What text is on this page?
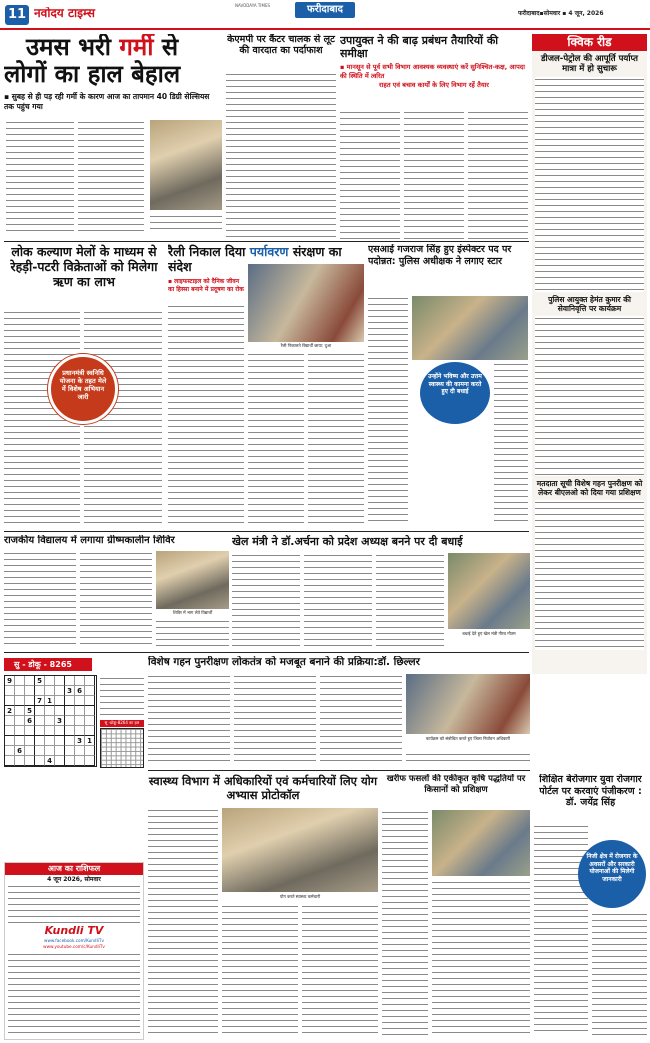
11 नवोदय टाइम्स
NAVODAYA TIMES	फरीदाबाद	फरीदाबाद▪सोमवार ▪ 4 जून, 2026
उमस भरी गर्मी से
लोगों का हाल बेहाल
▪ सुबह से ही पड़ रही गर्मी के कारण आज का तापमान 40 डिग्री सेल्सियस तक पहुंच गया
केएमपी पर कैंटर चालक से लूट की वारदात का पर्दाफाश
उपायुक्त ने की बाढ़ प्रबंधन तैयारियों की समीक्षा
▪ मानसून से पूर्व सभी विभाग आवश्यक व्यवस्थाएं करें सुनिश्चित-कक्ष, आपदा की स्थिति में त्वरित
राहत एवं बचाव कार्यों के लिए विभाग रहें तैयार
क्विक रीड
डीजल-पेट्रोल की आपूर्ति पर्याप्त मात्रा में हो सुचारू
पुलिस आयुक्त हेमंत कुमार की सेवानिवृत्ति पर कार्यक्रम
मतदाता सूची विशेष गहन पुनरीक्षण को लेकर बीएलओ को दिया गया प्रशिक्षण
लोक कल्याण मेलों के माध्यम से रेहड़ी-पटरी विक्रेताओं को मिलेगा ऋण का लाभ
प्रधानमंत्री स्वनिधि योजना के तहत मेले में विशेष अभियान जारी
रैली निकाल दिया पर्यावरण संरक्षण का संदेश
▪ लाइफस्टाइल को दैनिक जीवन का हिस्सा बनाने में प्रदूषण का रोक
रैली निकालते विद्यार्थी छाया: दुआ
एसआई गजराज सिंह हुए इंस्पेक्टर पद पर पदोन्नत: पुलिस अधीक्षक ने लगाए स्टार
उन्होंने भविष्य और उत्तम स्वास्थ्य की कामना करते हुए दी बधाई
राजकीय विद्यालय में लगाया ग्रीष्मकालीन शिविर
शिविर में भाग लेते विद्यार्थी
खेल मंत्री ने डॉ.अर्चना को प्रदेश अध्यक्ष बनने पर दी बधाई
बधाई देते हुए खेल मंत्री गौरव गौतम
सु - डोकू - 8265
9	5
3 6
7 1
2	5
6	3
3 1
6
4
सु -डोकू-8264 का हल
विशेष गहन पुनरीक्षण लोकतंत्र को मजबूत बनाने की प्रक्रिया:डॉ. छिल्लर
कार्यक्रम को संबोधित करते हुए जिला निर्वाचन अधिकारी
आज का राशिफल
4 जून 2026, सोमवार
Kundli TV
www.facebook.com/KundliTv
www.youtube.com/c/KundliTv
स्वास्थ्य विभाग में अधिकारियों एवं कर्मचारियों लिए योग अभ्यास प्रोटोकॉल
योग करते स्वास्थ्य कर्मचारी
खरीफ फसलों की एकीकृत कृषि पद्धतियों पर किसानों को प्रशिक्षण
शिक्षित बेरोजगार युवा रोजगार पोर्टल पर करवाएं पंजीकरण : डॉ. जयेंद्र सिंह
निजी क्षेत्र में रोजगार के अवसरों और सरकारी योजनाओं की मिलेगी जानकारी
